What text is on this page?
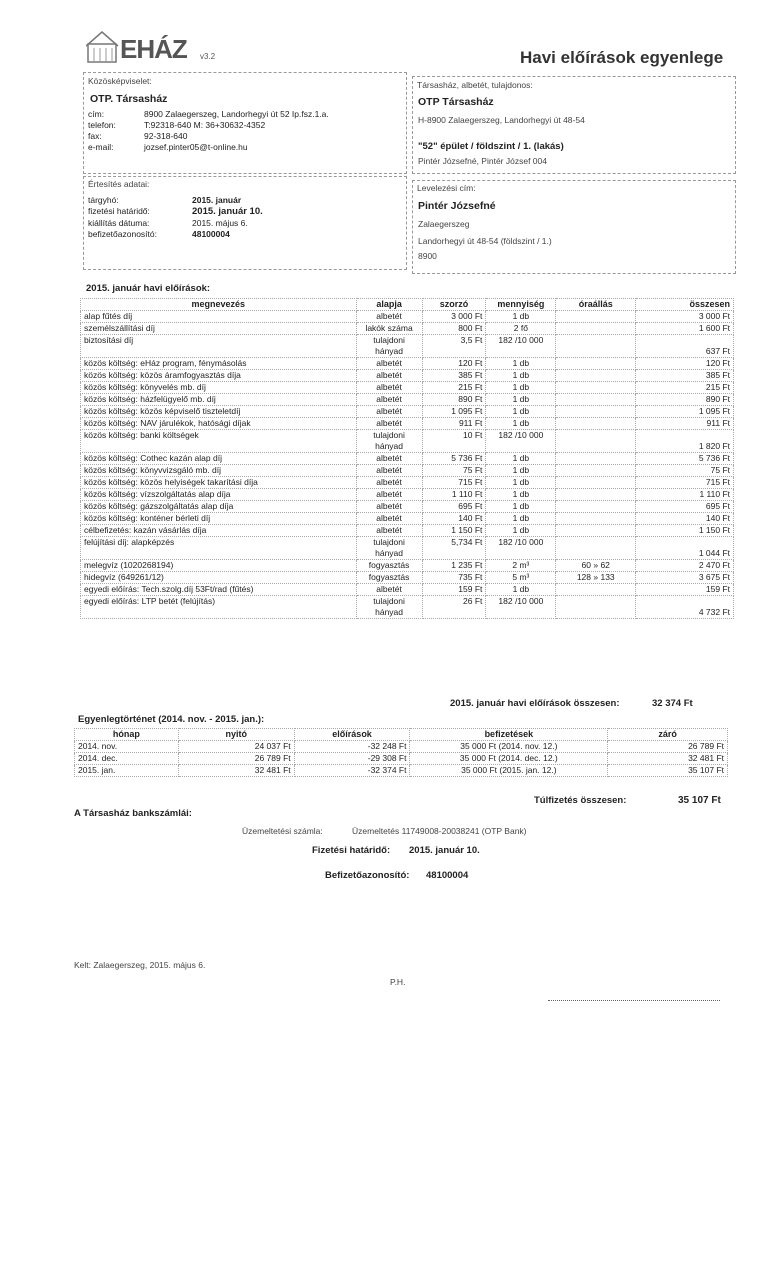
EHÁZ v3.2	Havi előírások egyenlege
Közösképviselet:
OTP. Társasház
cím:	8900 Zalaegerszeg, Landorhegyi út 52 Ip.fsz.1.a.
telefon:	T:92318-640 M: 36+30632-4352
fax:	92-318-640
e-mail:	jozsef.pinter05@t-online.hu
Társasház, albetét, tulajdonos:
OTP Társasház
H-8900 Zalaegerszeg, Landorhegyi út 48-54
"52" épület / földszint / 1. (lakás)
Pintér Józsefné, Pintér József 004
Értesítés adatai:
tárgyhó:	2015. január
fizetési határidő:	2015. január 10.
kiállítás dátuma:	2015. május 6.
befizetőazonosító:	48100004
Levelezési cím:
Pintér Józsefné
Zalaegerszeg
Landorhegyi út 48-54 (földszint / 1.)
8900
2015. január havi előírások:
megnevezés	alapja	szorzó	mennyiség	óraállás	összesen
alap fűtés díj	albetét	3 000 Ft	1 db		3 000 Ft
személszállítási díj	lakók száma	800 Ft	2 fő		1 600 Ft
biztosítási díj	tulajdoni hányad	3,5 Ft	182 /10 000		637 Ft
közös költség: eHáz program, fénymásolás	albetét	120 Ft	1 db		120 Ft
közös költség: közös áramfogyasztás díja	albetét	385 Ft	1 db		385 Ft
közös költség: könyvelés mb. díj	albetét	215 Ft	1 db		215 Ft
közös költség: házfelügyelő mb. díj	albetét	890 Ft	1 db		890 Ft
közös költség: közös képviselő tiszteletdíj	albetét	1 095 Ft	1 db		1 095 Ft
közös költség: NAV járulékok, hatósági díjak	albetét	911 Ft	1 db		911 Ft
közös költség: banki költségek	tulajdoni hányad	10 Ft	182 /10 000		1 820 Ft
közös költség: Cothec kazán alap díj	albetét	5 736 Ft	1 db		5 736 Ft
közös költség: könyvvizsgáló mb. díj	albetét	75 Ft	1 db		75 Ft
közös költség: közös helyiségek takarítási díja	albetét	715 Ft	1 db		715 Ft
közös költség: vízszolgáltatás alap díja	albetét	1 110 Ft	1 db		1 110 Ft
közös költség: gázszolgáltatás alap díja	albetét	695 Ft	1 db		695 Ft
közös költség: konténer bérleti díj	albetét	140 Ft	1 db		140 Ft
célbefizetés: kazán vásárlás díja	albetét	1 150 Ft	1 db		1 150 Ft
felújítási díj: alapképzés	tulajdoni hányad	5,734 Ft	182 /10 000		1 044 Ft
melegvíz (1020268194)	fogyasztás	1 235 Ft	2 m³	60 » 62	2 470 Ft
hidegvíz (649261/12)	fogyasztás	735 Ft	5 m³	128 » 133	3 675 Ft
egyedi előírás: Tech.szolg.díj 53Ft/rad (fűtés)	albetét	159 Ft	1 db		159 Ft
egyedi előírás: LTP betét (felújítás)	tulajdoni hányad	26 Ft	182 /10 000		4 732 Ft
2015. január havi előírások összesen:	32 374 Ft
Egyenlegtörténet (2014. nov. - 2015. jan.):
hónap	nyitó	előírások	befizetések	záró
2014. nov.	24 037 Ft	-32 248 Ft	35 000 Ft (2014. nov. 12.)	26 789 Ft
2014. dec.	26 789 Ft	-29 308 Ft	35 000 Ft (2014. dec. 12.)	32 481 Ft
2015. jan.	32 481 Ft	-32 374 Ft	35 000 Ft (2015. jan. 12.)	35 107 Ft
Túlfizetés összesen:	35 107 Ft
A Társasház bankszámlái:
Üzemeltetési számla:	Üzemeltetés 11749008-20038241 (OTP Bank)
Fizetési határidő: 2015. január 10.
Befizetőazonosító: 48100004
Kelt: Zalaegerszeg, 2015. május 6.
P.H.
